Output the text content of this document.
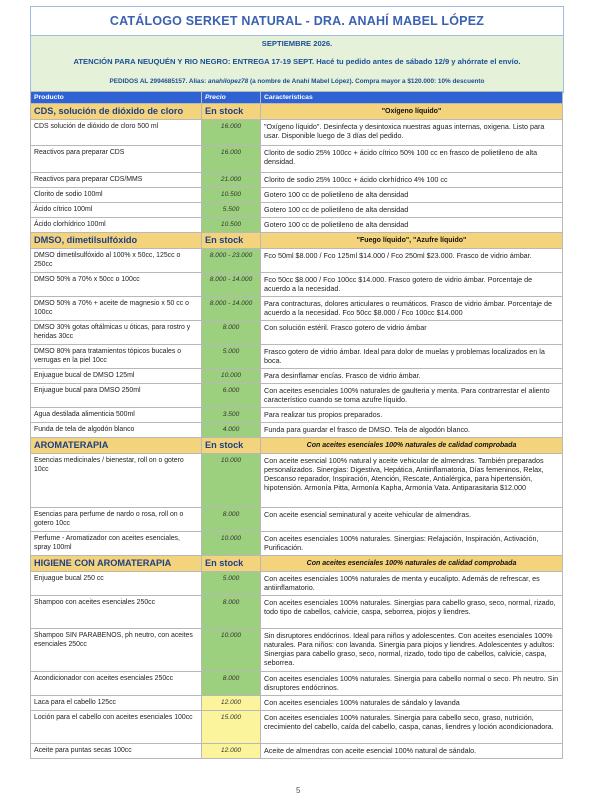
CATÁLOGO SERKET NATURAL - DRA. ANAHÍ MABEL LÓPEZ
SEPTIEMBRE 2026.
ATENCIÓN PARA NEUQUÉN Y RIO NEGRO: ENTREGA 17-19 SEPT. Hacé tu pedido antes de sábado 12/9 y ahórrate el envío.
PEDIDOS AL 2994685157. Alias: anahilopez78 (a nombre de Anahí Mabel López). Compra mayor a $120.000: 10% descuento
Producto	Precio	Características
CDS, solución de dióxido de cloro	En stock	"Oxígeno líquido"
CDS solución de dióxido de cloro 500 ml	16.000	"Oxígeno líquido". Desinfecta y desintoxica nuestras aguas internas, oxigena. Listo para usar. Disponible luego de 3 días del pedido.
Reactivos para preparar CDS	16.000	Clorito de sodio 25% 100cc + ácido cítrico 50% 100 cc en frasco de polietileno de alta densidad.
Reactivos para preparar CDS/MMS	21.000	Clorito de sodio 25% 100cc + ácido clorhídrico 4% 100 cc
Clorito de sodio 100ml	10.500	Gotero 100 cc de polietileno de alta densidad
Ácido cítrico 100ml	5.500	Gotero 100 cc de polietileno de alta densidad
Ácido clorhídrico 100ml	10.500	Gotero 100 cc de polietileno de alta densidad
DMSO, dimetilsulfóxido	En stock	"Fuego líquido", "Azufre líquido"
DMSO dimetilsulfóxido al 100% x 50cc, 125cc o 250cc	8.000 - 23.000	Fco 50ml $8.000 / Fco 125ml $14.000 / Fco 250ml $23.000. Frasco de vidrio ámbar.
DMSO 50% a 70% x 50cc o 100cc	8.000 - 14.000	Fco 50cc $8.000 / Fco 100cc $14.000. Frasco gotero de vidrio ámbar. Porcentaje de acuerdo a la necesidad.
DMSO 50% a 70% + aceite de magnesio x 50 cc o 100cc	8.000 - 14.000	Para contracturas, dolores articulares o reumáticos. Frasco de vidrio ámbar. Porcentaje de acuerdo a la necesidad. Fco 50cc $8.000 / Fco 100cc $14.000
DMSO 30% gotas oftálmicas u óticas, para rostro y heridas 30cc	8.000	Con solución estéril. Frasco gotero de vidrio ámbar
DMSO 80% para tratamientos tópicos bucales o verrugas en la piel 10cc	5.000	Frasco gotero de vidrio ámbar. Ideal para dolor de muelas y problemas localizados en la boca.
Enjuague bucal de DMSO 125ml	10.000	Para desinflamar encías. Frasco de vidrio ámbar.
Enjuague bucal para DMSO 250ml	6.000	Con aceites esenciales 100% naturales de gaulteria y menta. Para contrarrestar el aliento característico cuando se toma azufre líquido.
Agua destilada alimenticia 500ml	3.500	Para realizar tus propios preparados.
Funda de tela de algodón blanco	4.000	Funda para guardar el frasco de DMSO. Tela de algodón blanco.
AROMATERAPIA	En stock	Con aceites esenciales 100% naturales de calidad comprobada
Esencias medicinales / bienestar, roll on o gotero 10cc	10.000	Con aceite esencial 100% natural y aceite vehicular de almendras. También preparados personalizados. Sinergias: Digestiva, Hepática, Antiinflamatoria, Días femeninos, Relax, Descanso reparador, Inspiración, Atención, Rescate, Antialérgica, para hipertensión, hipotensión. Armonía Pitta, Armonía Kapha, Armonía Vata. Antiparasitaria $12.000
Esencias para perfume de nardo o rosa, roll on o gotero 10cc	8.000	Con aceite esencial seminatural y aceite vehicular de almendras.
Perfume - Aromatizador con aceites esenciales, spray 100ml	10.000	Con aceites esenciales 100% naturales. Sinergias: Relajación, Inspiración, Activación, Purificación.
HIGIENE CON AROMATERAPIA	En stock	Con aceites esenciales 100% naturales de calidad comprobada
Enjuague bucal 250 cc	5.000	Con aceites esenciales 100% naturales de menta y eucalipto. Además de refrescar, es antiinflamatorio.
Shampoo con aceites esenciales 250cc	8.000	Con aceites esenciales 100% naturales. Sinergias para cabello graso, seco, normal, rizado, todo tipo de cabellos, calvicie, caspa, seborrea, piojos y liendres.
Shampoo SIN PARABENOS, ph neutro, con aceites esenciales 250cc	10.000	Sin disruptores endócrinos. Ideal para niños y adolescentes. Con aceites esenciales 100% naturales. Para niños: con lavanda. Sinergia para piojos y liendres. Adolescentes y adultos: Sinergias para cabello graso, seco, normal, rizado, todo tipo de cabellos, calvicie, caspa, seborrea.
Acondicionador con aceites esenciales 250cc	8.000	Con aceites esenciales 100% naturales. Sinergia para cabello normal o seco. Ph neutro. Sin disruptores endócrinos.
Laca para el cabello 125cc	12.000	Con aceites esenciales 100% naturales de sándalo y lavanda
Loción para el cabello con aceites esenciales 100cc	15.000	Con aceites esenciales 100% naturales. Sinergia para cabello seco, graso, nutrición, crecimiento del cabello, caída del cabello, caspa, canas, liendres y loción acondicionadora.
Aceite para puntas secas 100cc	12.000	Aceite de almendras con aceite esencial 100% natural de sándalo.
5
